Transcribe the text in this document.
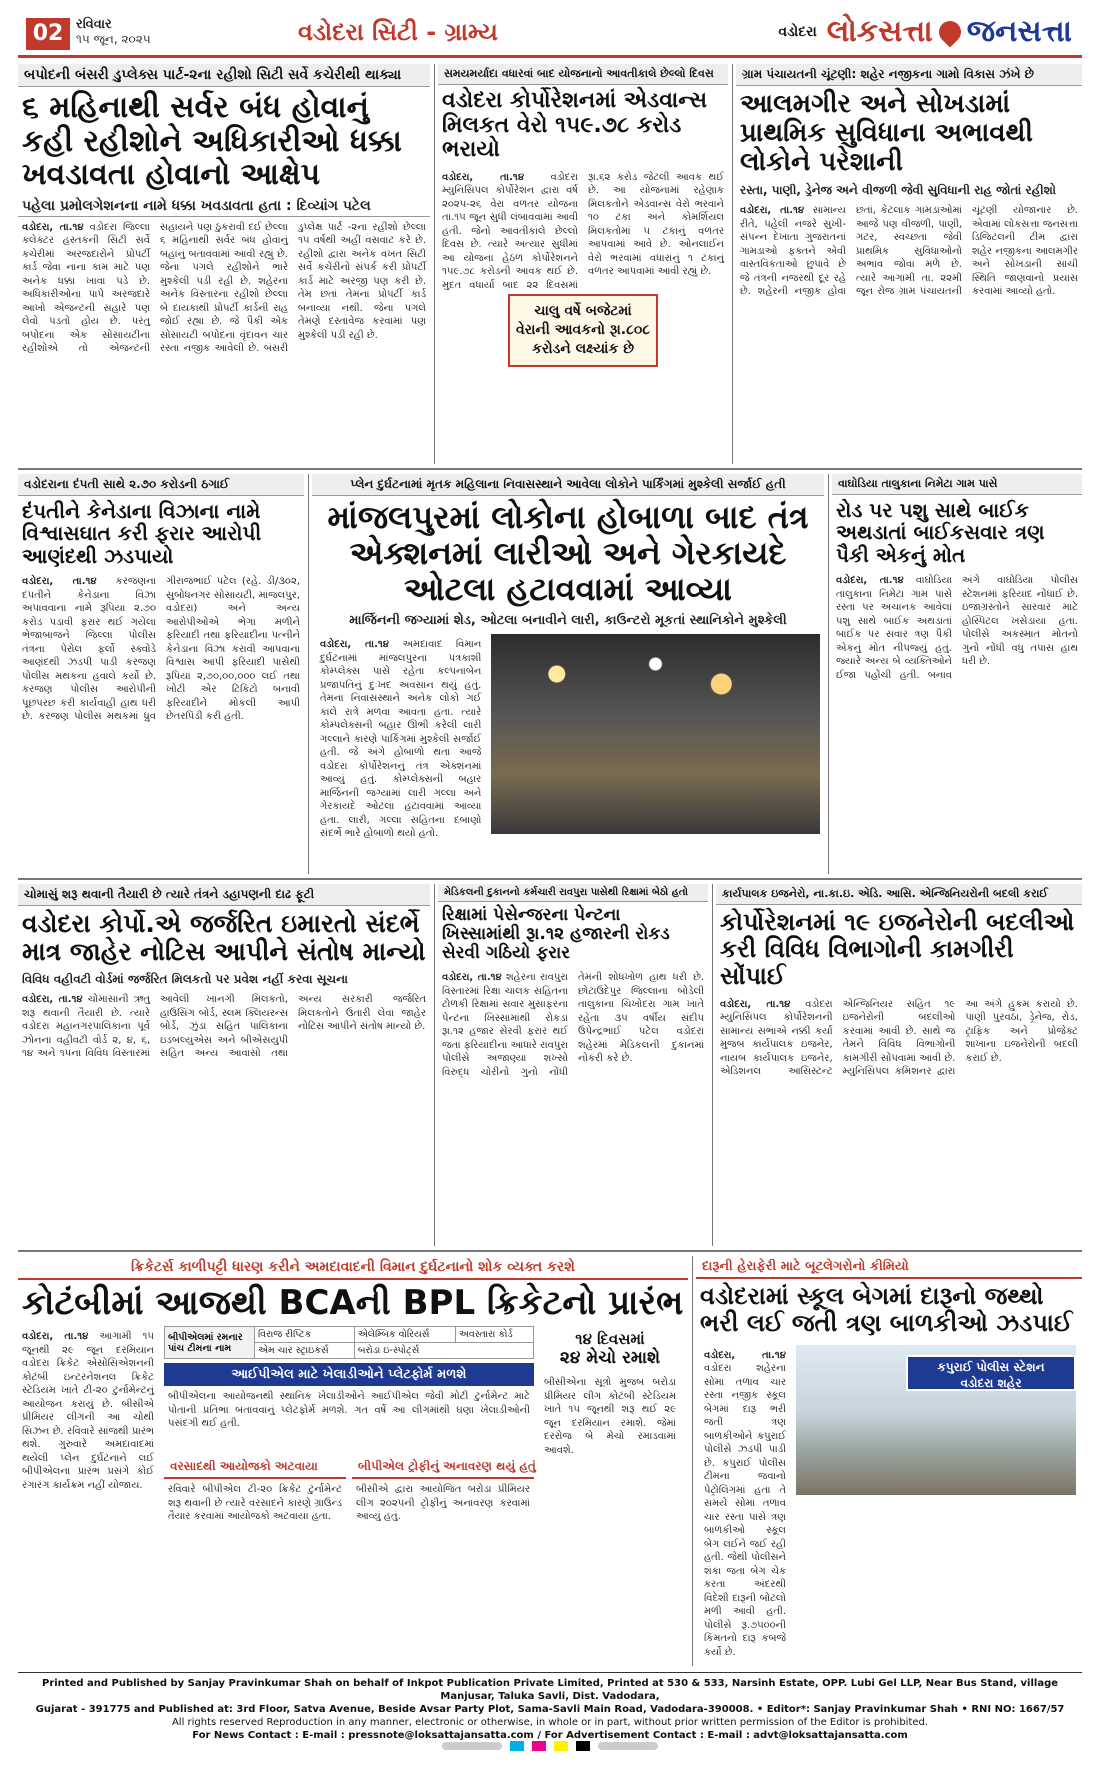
02 રવિવાર
૧૫ જૂન, ૨૦૨૫	વડોદરા સિટી - ગ્રામ્ય	વડોદરા લોકસત્તા જનસત્તા
બપોદની બંસરી ડુપ્લેક્સ પાર્ટ-૨ના રહીશો સિટી સર્વે કચેરીથી થાક્યા
૬ મહિનાથી સર્વર બંધ હોવાનું કહી રહીશોને અધિકારીઓ ધક્કા ખવડાવતા હોવાનો આક્ષેપ
પહેલા પ્રમોલગેશનના નામે ધક્કા ખવડાવતા હતા : દિવ્યાંગ પટેલ
વડોદરા, તા.૧૪ વડોદરા જિલ્લા કલેક્ટર હસ્તકની સિટી સર્વે કચેરીમાં અરજદારોને પ્રોપર્ટી કાર્ડ જેવા નાના કામ માટે પણ અનેક ધક્કા ખાવા પડે છે. અધિકારીઓના પાપે અરજદારે આખો એજન્ટની સહારે પણ લેવો પડતો હોય છે. પરંતુ બપોદના એક સોસાયટીના રહીશોએ તો એજન્ટની સહાયને પણ ઠુકરાવી દઈ છેલ્લા ૬ મહિનાથી સર્વર બંધ હોવાનું બહાનું બતાવવામાં આવી રહ્યું છે. જેના પગલે રહીશોને ભારે મુશ્કેલી પડી રહી છે. શહેરના અનેક વિસ્તારના રહીશો છેલ્લા બે દાયકાથી પ્રોપર્ટી કાર્ડની રાહ જોઈ રહ્યા છે. જે પૈકી એક સોસાયટી બપોદના વૃંદાવન ચાર રસ્તા નજીક આવેલી છે. બંસરી ડુપ્લેક્ષ પાર્ટ -૨ના રહીશો છેલ્લા ૧૫ વર્ષથી અહીં વસવાટ કરે છે. રહીશો દ્વારા અનેક વખત સિટી સર્વે કચેરીનો સંપર્ક કરી પ્રોપર્ટી કાર્ડ માટે અરજી પણ કરી છે. તેમ છતાં તેમના પ્રોપર્ટી કાર્ડ બનાવ્યા નથી. જેના પગલે તેમણે દસ્તાવેજ કરવામાં પણ મુશ્કેલી પડી રહી છે.
સમયમર્યાદા વધારવાં બાદ યોજનાનો આવતીકાલે છેલ્લો દિવસ
વડોદરા કોર્પોરેશનમાં એડવાન્સ મિલકત વેરો ૧૫૯.૭૮ કરોડ ભરાયો
વડોદરા, તા.૧૪	વડોદરા મ્યુનિસિપલ કોર્પોરેશન દ્વારા વર્ષ ૨૦૨૫-૨૬ વેરા વળતર યોજના તા.૧૫ જૂન સુધી લંબાવવામાં આવી હતી. જેનો આવતીકાલે છેલ્લો દિવસ છે. ત્યારે અત્યાર સુધીમાં આ યોજના હેઠળ કોર્પોરેશનને ૧૫૯.૭૮ કરોડની આવક થઈ છે. મુદત વધાર્યા બાદ ૨૨ દિવસમાં રૂા.૬૨ કરોડ જેટલી આવક થઈ છે. આ યોજનામાં રહેણાક મિલકતોને એડવાન્સ વેરો ભરવાને ૧૦ ટકા અને કોમર્શિયલ મિલકતોમાં ૫ ટકાનું વળતર આપવામાં આવે છે. ઓનલાઈન વેરો ભરવામાં વધારાનું ૧ ટકાનું વળતર આપવામાં આવી રહ્યું છે.
ચાલુ વર્ષે બજેટમાં વેરાની આવકનો રૂા.૮૦૮ કરોડને લક્ષ્યાંક છે
ગ્રામ પંચાયતની ચૂંટણી: શહેર નજીકના ગામો વિકાસ ઝંખે છે
આલમગીર અને સોખડામાં પ્રાથમિક સુવિધાના અભાવથી લોકોને પરેશાની
રસ્તા, પાણી, ડ્રેનેજ અને વીજળી જેવી સુવિધાની રાહ જોતાં રહીશો
વડોદરા, તા.૧૪ સામાન્ય રીતે, પહેલી નજરે સુખી-સંપન્ન દેખાતા ગુજરાતનાં ગામડાઓ ફક્તને એવી વાસ્તવિકતાઓ છુપાવે છે જે તંત્રની નજરથી દૂર રહે છે. શહેરની નજીક હોવા છતાં, કેટલાક ગામડાઓમાં આજે પણ વીજળી, પાણી, ગટર, સ્વચ્છતા જેવી પ્રાથમિક સુવિધાઓનો અભાવ જોવા મળે છે. ત્યારે આગામી તા. ૨૨મી જૂન રોજ ગ્રામ પંચાયતની ચૂંટણી યોજાનાર છે. એવામાં લોકસત્તા જનસત્તા ડિજિટલની ટીમ દ્વારા શહેર નજીકના આલમગીર અને સોખડાની સાચી સ્થિતિ જાણવાનો પ્રયાસ કરવામાં આવ્યો હતો.
વડોદરાના દંપતી સાથે ૨.૭૦ કરોડની ઠગાઈ
દંપતીને કેનેડાના વિઝાના નામે વિશ્વાસઘાત કરી ફરાર આરોપી આણંદથી ઝડપાયો
વડોદરા, તા.૧૪ કરજણના દંપતીને કેનેડાના વિઝા અપાવવાના નામે રૂપિયા ૨.૭૦ કરોડ પડાવી ફરાર થઈ ગયેલા ભેજાબાજને જિલ્લા પોલીસ તંત્રના પેરોલ ફર્લો સ્ક્વોડે આણંદથી ઝડપી પાડી કરજણ પોલીસ મથકના હવાલે કર્યો છે. કરજણ પોલીસ આરોપીની પૂછપરછ કરી કાર્યવાહી હાથ ધરી છે. કરજણ પોલીસ મથકમાં ધ્રુવ ગીરાજભાઈ પટેલ (રહે. ડી/૩૦૨, સુબોધનગર સોસાયટી, માંજલપુર, વડોદરા) અને અન્ય આરોપીઓએ ભેગા મળીને ફરિયાદી તથા ફરિયાદીના પત્નીને કેનેડાના વિઝા કરાવી આપવાના વિશ્વાસ આપી ફરિયાદી પાસેથી રૂપિયા ૨,૭૦,૦૦,૦૦૦ લઈ તથા ખોટી એર ટિકિટો બનાવી ફરિયાદીને મોકલી આપી છેતરપિંડી કરી હતી.
પ્લેન દુર્ઘટનામાં મૃતક મહિલાના નિવાસસ્થાને આવેલા લોકોને પાર્કિંગમાં મુશ્કેલી સર્જાઈ હતી
માંજલપુરમાં લોકોના હોબાળા બાદ તંત્ર એક્શનમાં લારીઓ અને ગેરકાયદે ઓટલા હટાવવામાં આવ્યા
માર્જિનની જગ્યામાં શેડ, ઓટલા બનાવીને લારી, કાઉન્ટરો મૂકતાં સ્થાનિકોને મુશ્કેલી
વડોદરા, તા.૧૪ અમદાવાદ વિમાન દુર્ઘટનામાં માંજલપુરના પત્રકાશી કોમ્પ્લેક્સ પાસે રહેતા કલ્પનાબેન પ્રજાપતિનું દુઃખદ અવસાન થયું હતું. તેમના નિવાસસ્થાને અનેક લોકો ગઈ કાલે રાત્રે મળવા આવતા હતા. ત્યારે કોમ્પલેક્સની બહાર ઊભી કરેલી લારી ગલ્લાને કારણે પાર્કિંગમાં મુશ્કેલી સર્જાઈ હતી. જે અંગે હોબાળો થતા આજે વડોદરા કોર્પોરેશનનું તંત્ર એક્શનમાં આવ્યું હતું. કોમ્પ્લેક્સની બહાર માર્જિનની જગ્યામાં લારી ગલ્લા અને ગેરકાયદે ઓટલા હટાવવામાં આવ્યા હતા. લારી, ગલ્લા સહિતના દબાણો સંદર્ભે ભારે હોબાળો થયો હતો.
વાઘોડિયા તાલુકાના નિમેટા ગામ પાસે
રોડ પર પશુ સાથે બાઈક અથડાતાં બાઈકસવાર ત્રણ પૈકી એકનું મોત
વડોદરા, તા.૧૪ વાઘોડિયા તાલુકાના નિમેટા ગામ પાસે રસ્તા પર અચાનક આવેલા પશુ સાથે બાઈક અથડાતાં બાઈક પર સવાર ત્રણ પૈકી એકનું મોત નીપજ્યું હતું. જ્યારે અન્ય બે વ્યક્તિઓને ઈજા પહોંચી હતી. બનાવ અંગે વાઘોડિયા પોલીસ સ્ટેશનમાં ફરિયાદ નોંધાઈ છે. ઇજાગ્રસ્તોને સારવાર માટે હોસ્પિટલ ખસેડાયા હતા. પોલીસે અકસ્માત મોતનો ગુનો નોંધી વધુ તપાસ હાથ ધરી છે.
ચોમાસું શરૂ થવાની તૈયારી છે ત્યારે તંત્રને ડહાપણની દાઢ ફૂટી
વડોદરા કોર્પો.એ જર્જરિત ઇમારતો સંદર્ભે માત્ર જાહેર નોટિસ આપીને સંતોષ માન્યો
વિવિધ વહીવટી વોર્ડમાં જર્જરિત મિલકતો પર પ્રવેશ નહીં કરવા સૂચના
વડોદરા, તા.૧૪ ચોમાસાની ઋતુ શરૂ થવાની તૈયારી છે. ત્યારે વડોદરા મહાનગરપાલિકાના પૂર્વ ઝોનના વહીવટી વોર્ડ ૨, ૪, ૬, ૧૪ અને ૧૫ના વિવિધ વિસ્તારમાં આવેલી ખાનગી મિલકતો, હાઉસિંગ બોર્ડ, સ્લમ ક્લિયરન્સ બોર્ડ, ઝુંડા સહિત પાલિકાના ઇડબલ્યુએસ અને બીએસયુપી સહિત અન્ય આવાસો તથા અન્ય સરકારી જર્જરિત મિલકતોને ઉતારી લેવા જાહેર નોટિસ આપીને સંતોષ માન્યો છે.
મેડિકલની દુકાનનો કર્મચારી રાવપુરા પાસેથી રિક્ષામાં બેઠો હતો
રિક્ષામાં પેસેન્જરના પેન્ટના ખિસ્સામાંથી રૂા.૧૨ હજારની રોકડ સેરવી ગઠિયો ફરાર
વડોદરા, તા.૧૪ શહેરના રાવપુરા વિસ્તારમાં રિક્ષા ચાલક સહિતના ટોળકી રિક્ષામાં સવાર મુસાફરના પેન્ટના ખિસ્સામાંથી રોકડા રૂા.૧૨ હજાર સેરવી ફરાર થઈ જતા ફરિયાદીના આધારે રાવપુરા પોલીસે અજાણ્યા શખ્સો વિરુદ્ધ ચોરીનો ગુનો નોંધી તેમની શોધખોળ હાથ ધરી છે. છોટાઉદેપુર જિલ્લાના બોડેલી તાલુકાના ચિખોદરા ગામ ખાતે રહેતા ૩૫ વર્ષીય સંદીપ ઉપેન્દ્રભાઈ પટેલ વડોદરા શહેરમાં મેડિકલની દુકાનમાં નોકરી કરે છે.
કાર્યપાલક ઇજનેરો, ના.કા.ઇ. એડિ. આસિ. એન્જિનિયરોની બદલી કરાઈ
કોર્પોરેશનમાં ૧૯ ઇજનેરોની બદલીઓ કરી વિવિધ વિભાગોની કામગીરી સોંપાઈ
વડોદરા, તા.૧૪ વડોદરા મ્યુનિસિપલ કોર્પોરેશનની સામાન્ય સભાએ નક્કી કર્યા મુજબ કાર્યપાલક ઇજનેર, નાયબ કાર્યપાલક ઇજનેર, એડિશનલ આસિસ્ટન્ટ એન્જિનિયર સહિત ૧૯ ઇજનેરોની બદલીઓ કરવામાં આવી છે. સાથે જ તેમને વિવિધ વિભાગોની કામગીરી સોંપવામાં આવી છે. મ્યુનિસિપલ કમિશનર દ્વારા આ અંગે હુકમ કરાયો છે. પાણી પુરવઠા, ડ્રેનેજ, રોડ, ટ્રાફિક અને પ્રોજેક્ટ શાખાના ઇજનેરોની બદલી કરાઈ છે.
ક્રિકેટર્સ કાળીપટ્ટી ધારણ કરીને અમદાવાદની વિમાન દુર્ઘટનાનો શોક વ્યક્ત કરશે
કોટંબીમાં આજથી BCAની BPL ક્રિકેટનો પ્રારંભ
વડોદરા, તા.૧૪ આગામી ૧૫ જૂનથી ૨૯ જૂન દરમિયાન વડોદરા ક્રિકેટ એસોસિએશનની કોટંબી ઇન્ટરનેશનલ ક્રિકેટ સ્ટેડિયમ ખાતે ટી-૨૦ ટુર્નામેન્ટનું આયોજન કરાયું છે. બીસીએ પ્રીમિયર લીગની આ ચોથી સિઝન છે. રવિવારે સાંજથી પ્રારંભ થશે. ગુરુવારે અમદાવાદમાં થયેલી પ્લેન દુર્ઘટનાને લઈ બીપીએલના પ્રારંભ પ્રસંગે કોઈ રંગારંગ કાર્યક્રમ નહીં યોજાય.
બીપીએલમાં રમનાર પાંચ ટીમના નામ	વિરાજ રીપ્ટિક	એલેમ્બિક વોરિયર્સ	અવસ્તારા કોર્ડ
	એમ ચાર સ્ટ્રાઇકર્સ	બરોડા ઇ-સ્પોર્ટ્સ	
આઈપીએલ માટે ખેલાડીઓને પ્લેટફોર્મ મળશે
બીપીએલના આયોજનથી સ્થાનિક ખેલાડીઓને આઈપીએલ જેવી મોટી ટુર્નામેન્ટ માટે પોતાની પ્રતિભા બતાવવાનું પ્લેટફોર્મ મળશે. ગત વર્ષે આ લીગમાંથી ઘણા ખેલાડીઓની પસંદગી થઈ હતી.
વરસાદથી આયોજકો અટવાયા
રવિવારે બીપીએલ ટી-૨૦ ક્રિકેટ ટુર્નામેન્ટ શરૂ થવાની છે ત્યારે વરસાદને કારણે ગ્રાઉન્ડ તૈયાર કરવામાં આયોજકો અટવાયા હતા.
બીપીએલ ટ્રોફીનું અનાવરણ થયું હતું
બીસીએ દ્વારા આયોજિત બરોડા પ્રીમિયર લીગ ૨૦૨૫ની ટ્રોફીનું અનાવરણ કરવામાં આવ્યું હતું.
૧૪ દિવસમાં
૨૪ મેચો રમાશે
બીસીએના સૂત્રો મુજબ બરોડા પ્રીમિયર લીગ કોટંબી સ્ટેડિયમ ખાતે ૧૫ જૂનથી શરૂ થઈ ૨૯ જૂન દરમિયાન રમાશે. જેમાં દરરોજ બે મેચો રમાડવામાં આવશે.
દારૂની હેરાફેરી માટે બૂટલેગરોનો કીમિયો
વડોદરામાં સ્કૂલ બેગમાં દારૂનો જથ્થો ભરી લઈ જતી ત્રણ બાળકીઓ ઝડપાઈ
વડોદરા, તા.૧૪ વડોદરા શહેરના સોમા તળાવ ચાર રસ્તા નજીક સ્કૂલ બેગમાં દારૂ ભરી જતી ત્રણ બાળકીઓને કપુરાઈ પોલીસે ઝડપી પાડી છે. કપુરાઈ પોલીસ ટીમના જવાનો પેટ્રોલિંગમાં હતા તે સમયે સોમા તળાવ ચાર રસ્તા પાસે ત્રણ બાળકીઓ સ્કૂલ બેગ લઈને જઈ રહી હતી. જેથી પોલીસને શંકા જતા બેગ ચેક કરતા અંદરથી વિદેશી દારૂની બોટલો મળી આવી હતી. પોલીસે રૂ.૭૫૦૦ની કિંમતનો દારૂ કબજે કર્યો છે.
કપુરાઈ પોલીસ સ્ટેશન
વડોદરા શહેર
Printed and Published by Sanjay Pravinkumar Shah on behalf of Inkpot Publication Private Limited, Printed at 530 & 533, Narsinh Estate, OPP. Lubi Gel LLP, Near Bus Stand, village Manjusar, Taluka Savli, Dist. Vadodara,
Gujarat - 391775 and Published at: 3rd Floor, Satva Avenue, Beside Avsar Party Plot, Sama-Savli Main Road, Vadodara-390008. • Editor*: Sanjay Pravinkumar Shah • RNI NO: 1667/57
All rights reserved Reproduction in any manner, electronic or otherwise, in whole or in part, without prior written permission of the Editor is prohibited.
For News Contact : E-mail : pressnote@loksattajansatta.com / For Advertisement Contact : E-mail : advt@loksattajansatta.com
